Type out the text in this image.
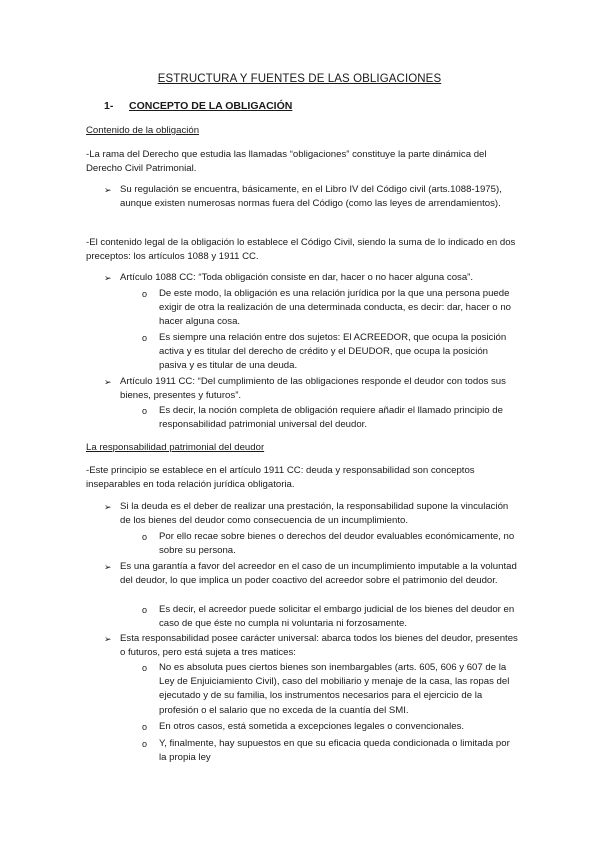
ESTRUCTURA Y FUENTES DE LAS OBLIGACIONES
1- CONCEPTO DE LA OBLIGACIÓN
Contenido de la obligación
-La rama del Derecho que estudia las llamadas “obligaciones” constituye la parte dinámica del Derecho Civil Patrimonial.
➢ Su regulación se encuentra, básicamente, en el Libro IV del Código civil (arts.1088-1975), aunque existen numerosas normas fuera del Código (como las leyes de arrendamientos).
-El contenido legal de la obligación lo establece el Código Civil, siendo la suma de lo indicado en dos preceptos: los artículos 1088 y 1911 CC.
➢ Artículo 1088 CC: “Toda obligación consiste en dar, hacer o no hacer alguna cosa”.
o De este modo, la obligación es una relación jurídica por la que una persona puede exigir de otra la realización de una determinada conducta, es decir: dar, hacer o no hacer alguna cosa.
o Es siempre una relación entre dos sujetos: El ACREEDOR, que ocupa la posición activa y es titular del derecho de crédito y el DEUDOR, que ocupa la posición pasiva y es titular de una deuda.
➢ Artículo 1911 CC: “Del cumplimiento de las obligaciones responde el deudor con todos sus bienes, presentes y futuros”.
o Es decir, la noción completa de obligación requiere añadir el llamado principio de responsabilidad patrimonial universal del deudor.
La responsabilidad patrimonial del deudor
-Este principio se establece en el artículo 1911 CC: deuda y responsabilidad son conceptos inseparables en toda relación jurídica obligatoria.
➢ Si la deuda es el deber de realizar una prestación, la responsabilidad supone la vinculación de los bienes del deudor como consecuencia de un incumplimiento.
o Por ello recae sobre bienes o derechos del deudor evaluables económicamente, no sobre su persona.
➢ Es una garantía a favor del acreedor en el caso de un incumplimiento imputable a la voluntad del deudor, lo que implica un poder coactivo del acreedor sobre el patrimonio del deudor.
o Es decir, el acreedor puede solicitar el embargo judicial de los bienes del deudor en caso de que éste no cumpla ni voluntaria ni forzosamente.
➢ Esta responsabilidad posee carácter universal: abarca todos los bienes del deudor, presentes o futuros, pero está sujeta a tres matices:
o No es absoluta pues ciertos bienes son inembargables (arts. 605, 606 y 607 de la Ley de Enjuiciamiento Civil), caso del mobiliario y menaje de la casa, las ropas del ejecutado y de su familia, los instrumentos necesarios para el ejercicio de la profesión o el salario que no exceda de la cuantía del SMI.
o En otros casos, está sometida a excepciones legales o convencionales.
o Y, finalmente, hay supuestos en que su eficacia queda condicionada o limitada por la propia ley
